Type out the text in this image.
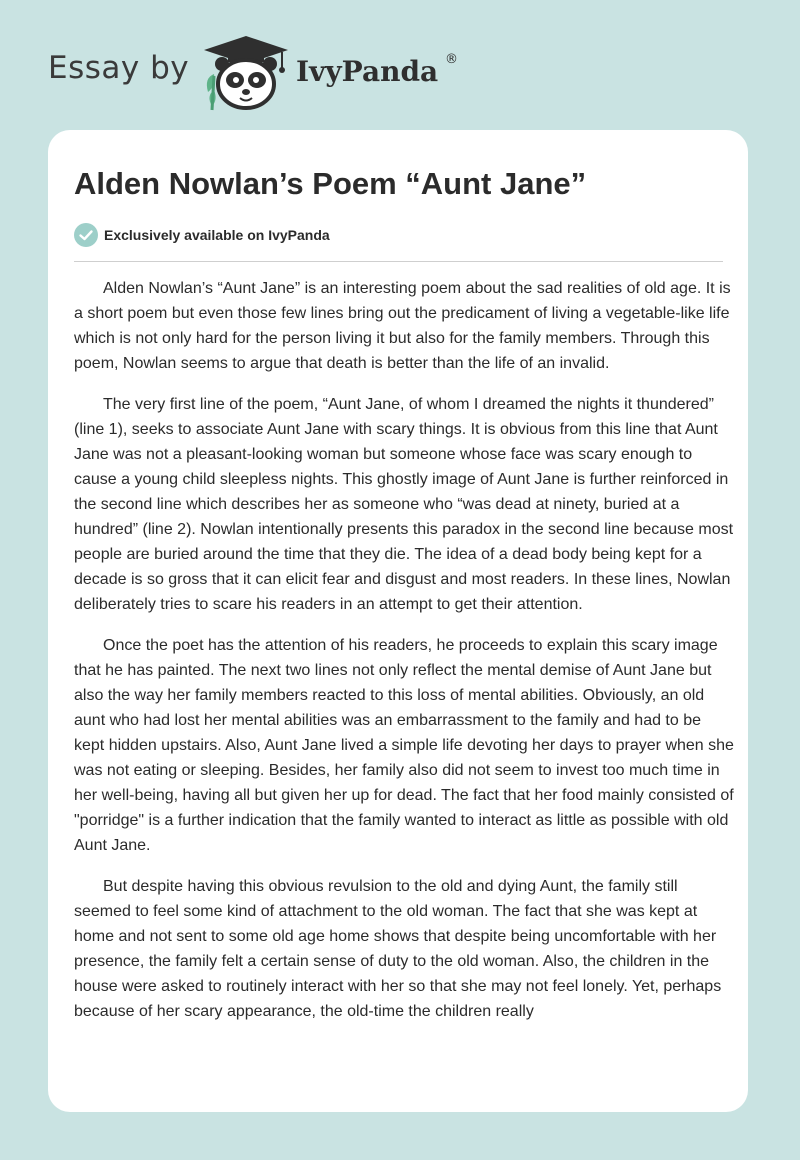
Essay by	IvyPanda ®
Alden Nowlan’s Poem “Aunt Jane”
Exclusively available on IvyPanda

Alden Nowlan’s “Aunt Jane” is an interesting poem about the sad realities of old age. It is a short poem but even those few lines bring out the predicament of living a vegetable-like life which is not only hard for the person living it but also for the family members. Through this poem, Nowlan seems to argue that death is better than the life of an invalid.

The very first line of the poem, “Aunt Jane, of whom I dreamed the nights it thundered” (line 1), seeks to associate Aunt Jane with scary things. It is obvious from this line that Aunt Jane was not a pleasant-looking woman but someone whose face was scary enough to cause a young child sleepless nights. This ghostly image of Aunt Jane is further reinforced in the second line which describes her as someone who “was dead at ninety, buried at a hundred” (line 2). Nowlan intentionally presents this paradox in the second line because most people are buried around the time that they die. The idea of a dead body being kept for a decade is so gross that it can elicit fear and disgust and most readers. In these lines, Nowlan deliberately tries to scare his readers in an attempt to get their attention.

Once the poet has the attention of his readers, he proceeds to explain this scary image that he has painted. The next two lines not only reflect the mental demise of Aunt Jane but also the way her family members reacted to this loss of mental abilities. Obviously, an old aunt who had lost her mental abilities was an embarrassment to the family and had to be kept hidden upstairs. Also, Aunt Jane lived a simple life devoting her days to prayer when she was not eating or sleeping. Besides, her family also did not seem to invest too much time in her well-being, having all but given her up for dead. The fact that her food mainly consisted of "porridge" is a further indication that the family wanted to interact as little as possible with old Aunt Jane.

But despite having this obvious revulsion to the old and dying Aunt, the family still seemed to feel some kind of attachment to the old woman. The fact that she was kept at home and not sent to some old age home shows that despite being uncomfortable with her presence, the family felt a certain sense of duty to the old woman. Also, the children in the house were asked to routinely interact with her so that she may not feel lonely. Yet, perhaps because of her scary appearance, the old-time the children really
